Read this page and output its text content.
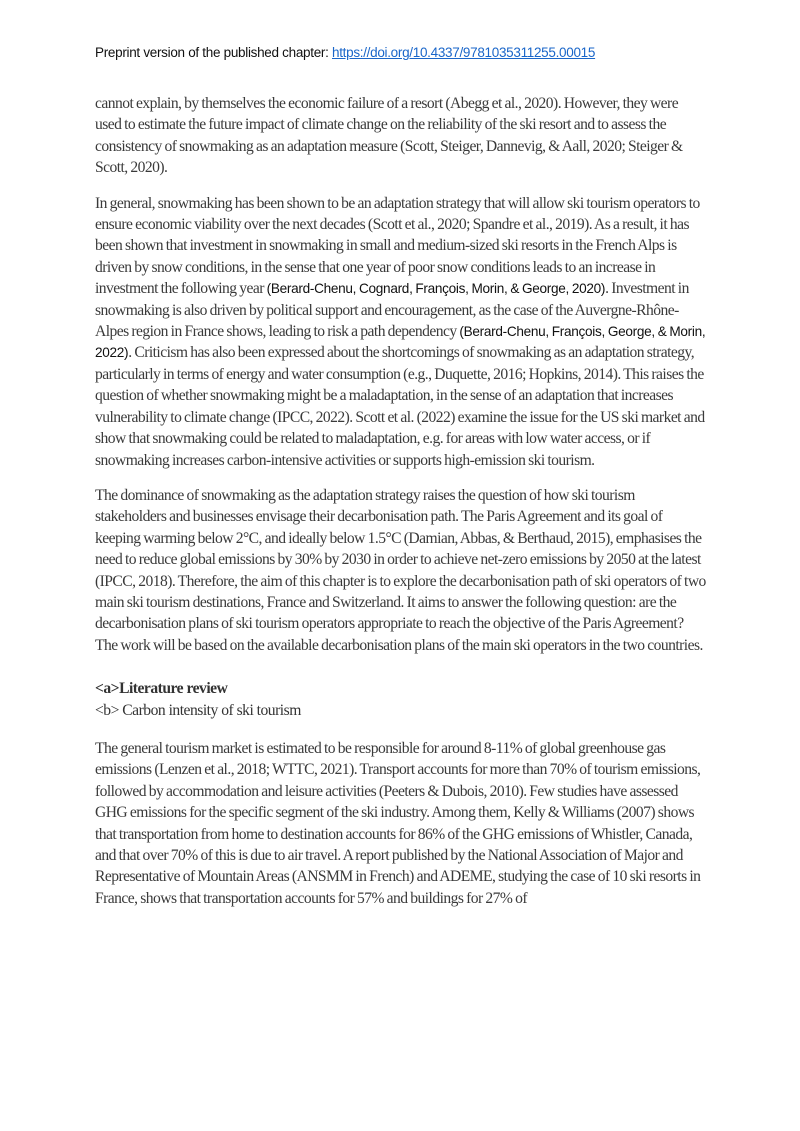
Preprint version of the published chapter: https://doi.org/10.4337/9781035311255.00015

cannot explain, by themselves the economic failure of a resort (Abegg et al., 2020). However, they were used to estimate the future impact of climate change on the reliability of the ski resort and to assess the consistency of snowmaking as an adaptation measure (Scott, Steiger, Dannevig, & Aall, 2020; Steiger & Scott, 2020).

In general, snowmaking has been shown to be an adaptation strategy that will allow ski tourism operators to ensure economic viability over the next decades (Scott et al., 2020; Spandre et al., 2019). As a result, it has been shown that investment in snowmaking in small and medium-sized ski resorts in the French Alps is driven by snow conditions, in the sense that one year of poor snow conditions leads to an increase in investment the following year (Berard-Chenu, Cognard, François, Morin, & George, 2020). Investment in snowmaking is also driven by political support and encouragement, as the case of the Auvergne-Rhône-Alpes region in France shows, leading to risk a path dependency (Berard-Chenu, François, George, & Morin, 2022). Criticism has also been expressed about the shortcomings of snowmaking as an adaptation strategy, particularly in terms of energy and water consumption (e.g., Duquette, 2016; Hopkins, 2014). This raises the question of whether snowmaking might be a maladaptation, in the sense of an adaptation that increases vulnerability to climate change (IPCC, 2022). Scott et al. (2022) examine the issue for the US ski market and show that snowmaking could be related to maladaptation, e.g. for areas with low water access, or if snowmaking increases carbon-intensive activities or supports high-emission ski tourism.

The dominance of snowmaking as the adaptation strategy raises the question of how ski tourism stakeholders and businesses envisage their decarbonisation path. The Paris Agreement and its goal of keeping warming below 2°C, and ideally below 1.5°C (Damian, Abbas, & Berthaud, 2015), emphasises the need to reduce global emissions by 30% by 2030 in order to achieve net-zero emissions by 2050 at the latest (IPCC, 2018). Therefore, the aim of this chapter is to explore the decarbonisation path of ski operators of two main ski tourism destinations, France and Switzerland. It aims to answer the following question: are the decarbonisation plans of ski tourism operators appropriate to reach the objective of the Paris Agreement? The work will be based on the available decarbonisation plans of the main ski operators in the two countries.

<a>Literature review
<b> Carbon intensity of ski tourism

The general tourism market is estimated to be responsible for around 8-11% of global greenhouse gas emissions (Lenzen et al., 2018; WTTC, 2021). Transport accounts for more than 70% of tourism emissions, followed by accommodation and leisure activities (Peeters & Dubois, 2010). Few studies have assessed GHG emissions for the specific segment of the ski industry. Among them, Kelly & Williams (2007) shows that transportation from home to destination accounts for 86% of the GHG emissions of Whistler, Canada, and that over 70% of this is due to air travel. A report published by the National Association of Major and Representative of Mountain Areas (ANSMM in French) and ADEME, studying the case of 10 ski resorts in France, shows that transportation accounts for 57% and buildings for 27% of
